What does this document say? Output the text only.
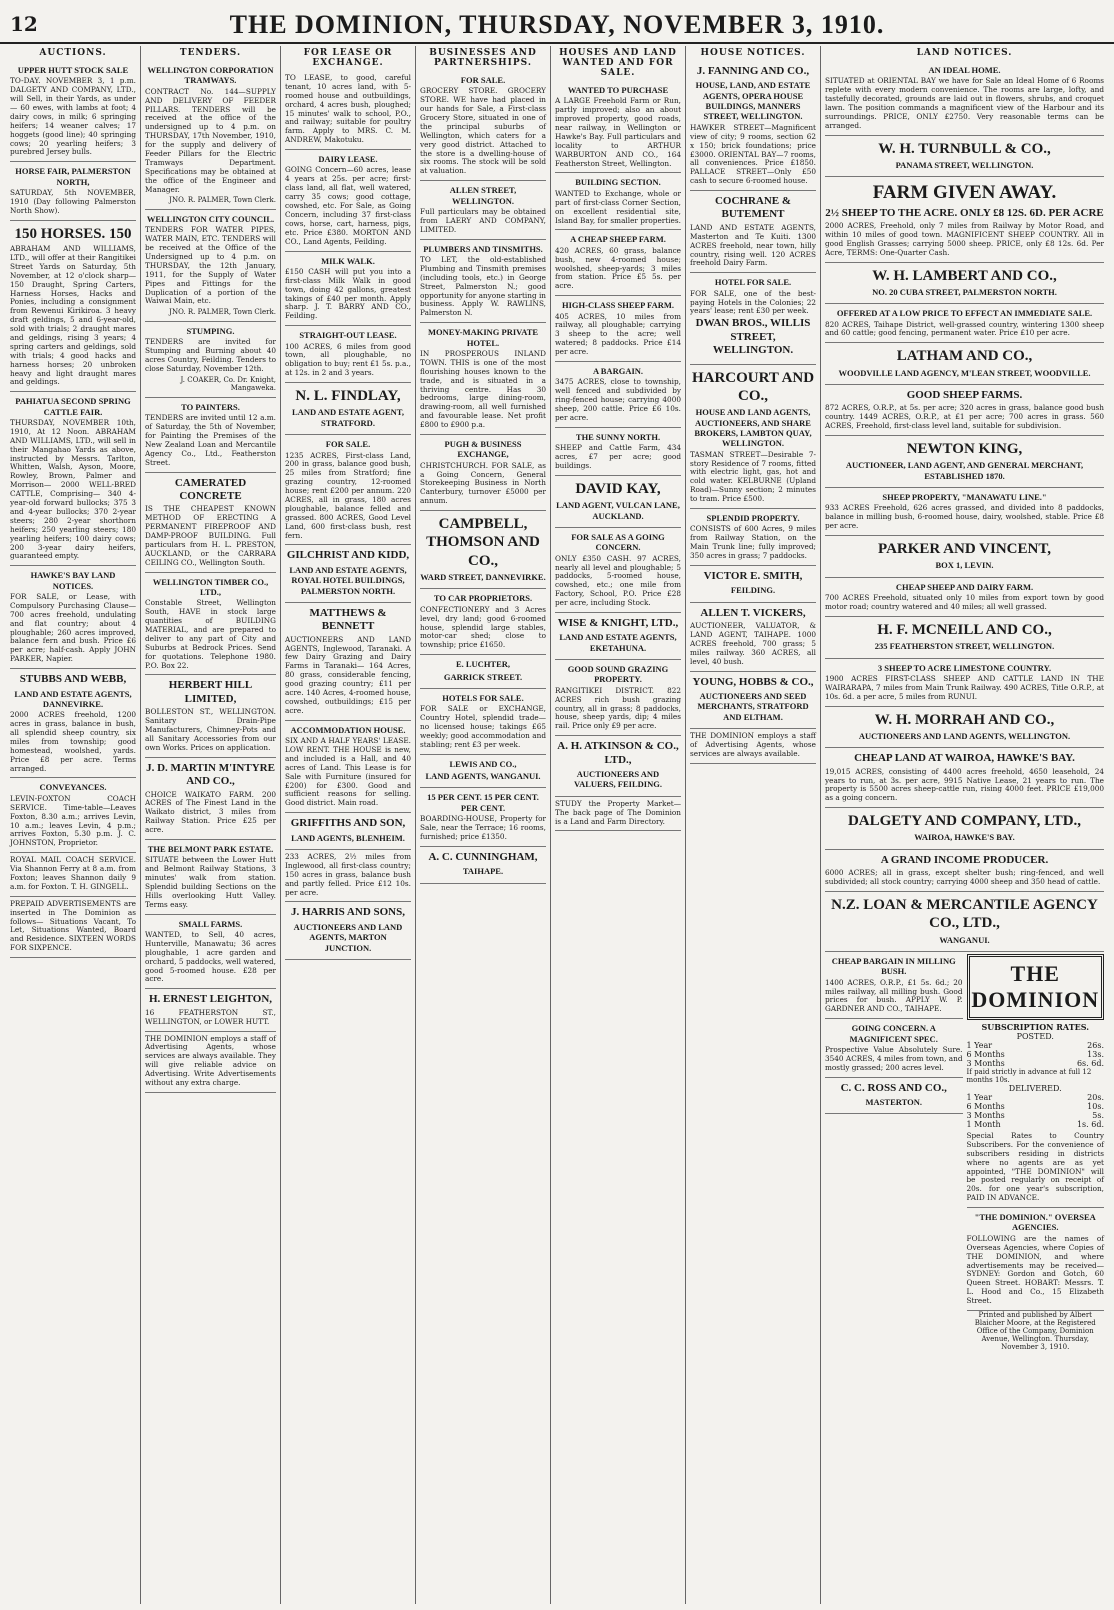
12	THE DOMINION, THURSDAY, NOVEMBER 3, 1910.
AUCTIONS.
UPPER HUTT STOCK SALE
TO-DAY. NOVEMBER 3, 1 p.m. DALGETY AND COMPANY, LTD., will Sell, in their Yards, as under— 60 ewes, with lambs at foot; 4 dairy cows, in milk; 6 springing heifers; 14 weaner calves; 17 hoggets (good line); 40 springing cows; 20 yearling heifers; 3 purebred Jersey bulls.
HORSE FAIR, PALMERSTON NORTH,
SATURDAY, 5th NOVEMBER, 1910 (Day following Palmerston North Show).
150 HORSES. 150
ABRAHAM AND WILLIAMS, LTD., will offer at their Rangitikei Street Yards on Saturday, 5th November, at 12 o'clock sharp— 150 Draught, Spring Carters, Harness Horses, Hacks and Ponies, including a consignment from Rewenui Kirikiroa. 3 heavy draft geldings, 5 and 6-year-old, sold with trials; 2 draught mares and geldings, rising 3 years; 4 spring carters and geldings, sold with trials; 4 good hacks and harness horses; 20 unbroken heavy and light draught mares and geldings.
PAHIATUA SECOND SPRING CATTLE FAIR.
THURSDAY, NOVEMBER 10th, 1910, At 12 Noon. ABRAHAM AND WILLIAMS, LTD., will sell in their Mangahao Yards as above, instructed by Messrs. Tarlton, Whitten, Walsh, Ayson, Moore, Rowley, Brown, Palmer and Morrison— 2000 WELL-BRED CATTLE, Comprising— 340 4-year-old forward bullocks; 375 3 and 4-year bullocks; 370 2-year steers; 280 2-year shorthorn heifers; 250 yearling steers; 180 yearling heifers; 100 dairy cows; 200 3-year dairy heifers, guaranteed empty.
HAWKE'S BAY LAND NOTICES.
FOR SALE, or Lease, with Compulsory Purchasing Clause—700 acres freehold, undulating and flat country; about 4 ploughable; 260 acres improved, balance fern and bush. Price £6 per acre; half-cash. Apply JOHN PARKER, Napier.
STUBBS AND WEBB,
LAND AND ESTATE AGENTS, DANNEVIRKE.
2000 ACRES freehold, 1200 acres in grass, balance in bush, all splendid sheep country, six miles from township; good homestead, woolshed, yards. Price £8 per acre. Terms arranged.
CONVEYANCES.
LEVIN-FOXTON COACH SERVICE. Time-table—Leaves Foxton, 8.30 a.m.; arrives Levin, 10 a.m.; leaves Levin, 4 p.m.; arrives Foxton, 5.30 p.m. J. C. JOHNSTON, Proprietor.
ROYAL MAIL COACH SERVICE. Via Shannon Ferry at 8 a.m. from Foxton; leaves Shannon daily 9 a.m. for Foxton. T. H. GINGELL.
PREPAID ADVERTISEMENTS are inserted in The Dominion as follows— Situations Vacant, To Let, Situations Wanted, Board and Residence. SIXTEEN WORDS FOR SIXPENCE.
TENDERS.
WELLINGTON CORPORATION TRAMWAYS.
CONTRACT No. 144—SUPPLY AND DELIVERY OF FEEDER PILLARS. TENDERS will be received at the office of the undersigned up to 4 p.m. on THURSDAY, 17th November, 1910, for the supply and delivery of Feeder Pillars for the Electric Tramways Department. Specifications may be obtained at the office of the Engineer and Manager.
JNO. R. PALMER, Town Clerk.
WELLINGTON CITY COUNCIL.
TENDERS FOR WATER PIPES, WATER MAIN, ETC. TENDERS will be received at the Office of the Undersigned up to 4 p.m. on THURSDAY, the 12th January, 1911, for the Supply of Water Pipes and Fittings for the Duplication of a portion of the Waiwai Main, etc.
JNO. R. PALMER, Town Clerk.
STUMPING.
TENDERS are invited for Stumping and Burning about 40 acres Country, Feilding. Tenders to close Saturday, November 12th.
J. COAKER, Co. Dr. Knight, Mangaweka.
TO PAINTERS.
TENDERS are invited until 12 a.m. of Saturday, the 5th of November, for Painting the Premises of the New Zealand Loan and Mercantile Agency Co., Ltd., Featherston Street.
CAMERATED CONCRETE
IS THE CHEAPEST KNOWN METHOD OF ERECTING A PERMANENT FIREPROOF AND DAMP-PROOF BUILDING. Full particulars from H. L. PRESTON, AUCKLAND, or the CARRARA CEILING CO., Wellington South.
WELLINGTON TIMBER CO., LTD.,
Constable Street, Wellington South, HAVE in stock large quantities of BUILDING MATERIAL, and are prepared to deliver to any part of City and Suburbs at Bedrock Prices. Send for quotations. Telephone 1980. P.O. Box 22.
HERBERT HILL LIMITED,
BOLLESTON ST., WELLINGTON. Sanitary Drain-Pipe Manufacturers, Chimney-Pots and all Sanitary Accessories from our own Works. Prices on application.
J. D. MARTIN M'INTYRE AND CO.,
CHOICE WAIKATO FARM. 200 ACRES of The Finest Land in the Waikato district, 3 miles from Railway Station. Price £25 per acre.
THE BELMONT PARK ESTATE.
SITUATE between the Lower Hutt and Belmont Railway Stations, 3 minutes' walk from station. Splendid building Sections on the Hills overlooking Hutt Valley. Terms easy.
SMALL FARMS.
WANTED, to Sell, 40 acres, Hunterville, Manawatu; 36 acres ploughable, 1 acre garden and orchard, 5 paddocks, well watered, good 5-roomed house. £28 per acre.
H. ERNEST LEIGHTON,
16 FEATHERSTON ST., WELLINGTON, or LOWER HUTT.
THE DOMINION employs a staff of Advertising Agents, whose services are always available. They will give reliable advice on Advertising. Write Advertisements without any extra charge.
FOR LEASE OR EXCHANGE.
TO LEASE, to good, careful tenant, 10 acres land, with 5-roomed house and outbuildings, orchard, 4 acres bush, ploughed; 15 minutes' walk to school, P.O., and railway; suitable for poultry farm. Apply to MRS. C. M. ANDREW, Makotuku.
DAIRY LEASE.
GOING Concern—60 acres, lease 4 years at 25s. per acre; first-class land, all flat, well watered, carry 35 cows; good cottage, cowshed, etc. For Sale, as Going Concern, including 37 first-class cows, horse, cart, harness, pigs, etc. Price £380. MORTON AND CO., Land Agents, Feilding.
MILK WALK.
£150 CASH will put you into a first-class Milk Walk in good town, doing 42 gallons, greatest takings of £40 per month. Apply sharp. J. T. BARRY AND CO., Feilding.
STRAIGHT-OUT LEASE.
100 ACRES, 6 miles from good town, all ploughable, no obligation to buy; rent £1 5s. p.a., at 12s. in 2 and 3 years.
N. L. FINDLAY,
LAND AND ESTATE AGENT, STRATFORD.
FOR SALE.
1235 ACRES, First-class Land, 200 in grass, balance good bush, 25 miles from Stratford; fine grazing country, 12-roomed house; rent £200 per annum. 220 ACRES, all in grass, 180 acres ploughable, balance felled and grassed. 800 ACRES, Good Level Land, 600 first-class bush, rest fern.
GILCHRIST AND KIDD,
LAND AND ESTATE AGENTS, ROYAL HOTEL BUILDINGS, PALMERSTON NORTH.
MATTHEWS & BENNETT
AUCTIONEERS AND LAND AGENTS, Inglewood, Taranaki. A few Dairy Grazing and Dairy Farms in Taranaki— 164 Acres, 80 grass, considerable fencing, good grazing country; £11 per acre. 140 Acres, 4-roomed house, cowshed, outbuildings; £15 per acre.
ACCOMMODATION HOUSE.
SIX AND A HALF YEARS' LEASE. LOW RENT. THE HOUSE is new, and included is a Hall, and 40 acres of Land. This Lease is for Sale with Furniture (insured for £200) for £300. Good and sufficient reasons for selling. Good district. Main road.
GRIFFITHS AND SON,
LAND AGENTS, BLENHEIM.
233 ACRES, 2½ miles from Inglewood, all first-class country; 150 acres in grass, balance bush and partly felled. Price £12 10s. per acre.
J. HARRIS AND SONS,
AUCTIONEERS AND LAND AGENTS, MARTON JUNCTION.
BUSINESSES AND PARTNERSHIPS.
FOR SALE.
GROCERY STORE. GROCERY STORE. WE have had placed in our hands for Sale, a First-class Grocery Store, situated in one of the principal suburbs of Wellington, which caters for a very good district. Attached to the store is a dwelling-house of six rooms. The stock will be sold at valuation.
ALLEN STREET, WELLINGTON.
Full particulars may be obtained from LAERY AND COMPANY, LIMITED.
PLUMBERS AND TINSMITHS.
TO LET, the old-established Plumbing and Tinsmith premises (including tools, etc.) in George Street, Palmerston N.; good opportunity for anyone starting in business. Apply W. RAWLINS, Palmerston N.
MONEY-MAKING PRIVATE HOTEL.
IN PROSPEROUS INLAND TOWN. THIS is one of the most flourishing houses known to the trade, and is situated in a thriving centre. Has 30 bedrooms, large dining-room, drawing-room, all well furnished and favourable lease. Net profit £800 to £900 p.a.
PUGH & BUSINESS EXCHANGE,
CHRISTCHURCH. FOR SALE, as a Going Concern, General Storekeeping Business in North Canterbury, turnover £5000 per annum.
CAMPBELL, THOMSON AND CO.,
WARD STREET, DANNEVIRKE.
TO CAR PROPRIETORS.
CONFECTIONERY and 3 Acres level, dry land; good 6-roomed house, splendid large stables, motor-car shed; close to township; price £1650.
E. LUCHTER,
GARRICK STREET.
HOTELS FOR SALE.
FOR SALE or EXCHANGE, Country Hotel, splendid trade—no licensed house; takings £65 weekly; good accommodation and stabling; rent £3 per week.
LEWIS AND CO.,
LAND AGENTS, WANGANUI.
15 PER CENT. 15 PER CENT. PER CENT.
BOARDING-HOUSE, Property for Sale, near the Terrace; 16 rooms, furnished; price £1350.
A. C. CUNNINGHAM,
TAIHAPE.
HOUSES AND LAND WANTED AND FOR SALE.
WANTED TO PURCHASE
A LARGE Freehold Farm or Run, partly improved; also an about improved property, good roads, near railway, in Wellington or Hawke's Bay. Full particulars and locality to ARTHUR WARBURTON AND CO., 164 Featherston Street, Wellington.
BUILDING SECTION.
WANTED to Exchange, whole or part of first-class Corner Section, on excellent residential site, Island Bay, for smaller properties.
A CHEAP SHEEP FARM.
420 ACRES, 60 grass, balance bush, new 4-roomed house; woolshed, sheep-yards; 3 miles from station. Price £5 5s. per acre.
HIGH-CLASS SHEEP FARM.
405 ACRES, 10 miles from railway, all ploughable; carrying 3 sheep to the acre; well watered; 8 paddocks. Price £14 per acre.
A BARGAIN.
3475 ACRES, close to township, well fenced and subdivided by ring-fenced house; carrying 4000 sheep, 200 cattle. Price £6 10s. per acre.
THE SUNNY NORTH.
SHEEP and Cattle Farm, 434 acres, £7 per acre; good buildings.
DAVID KAY,
LAND AGENT, VULCAN LANE, AUCKLAND.
FOR SALE AS A GOING CONCERN.
ONLY £350 CASH. 97 ACRES, nearly all level and ploughable; 5 paddocks, 5-roomed house, cowshed, etc.; one mile from Factory, School, P.O. Price £28 per acre, including Stock.
WISE & KNIGHT, LTD.,
LAND AND ESTATE AGENTS, EKETAHUNA.
GOOD SOUND GRAZING PROPERTY.
RANGITIKEI DISTRICT. 822 ACRES rich bush grazing country, all in grass; 8 paddocks, house, sheep yards, dip; 4 miles rail. Price only £9 per acre.
A. H. ATKINSON & CO., LTD.,
AUCTIONEERS AND VALUERS, FEILDING.
STUDY the Property Market—The back page of The Dominion is a Land and Farm Directory.
HOUSE NOTICES.
J. FANNING AND CO.,
HOUSE, LAND, AND ESTATE AGENTS, OPERA HOUSE BUILDINGS, MANNERS STREET, WELLINGTON.
HAWKER STREET—Magnificent view of city; 9 rooms, section 62 x 150; brick foundations; price £3000. ORIENTAL BAY—7 rooms, all conveniences. Price £1850. PALLACE STREET—Only £50 cash to secure 6-roomed house.
COCHRANE & BUTEMENT
LAND AND ESTATE AGENTS, Masterton and Te Kuiti. 1300 ACRES freehold, near town, hilly country, rising well. 120 ACRES freehold Dairy Farm.
HOTEL FOR SALE.
FOR SALE, one of the best-paying Hotels in the Colonies; 22 years' lease; rent £30 per week.
DWAN BROS., WILLIS STREET, WELLINGTON.
HARCOURT AND CO.,
HOUSE AND LAND AGENTS, AUCTIONEERS, AND SHARE BROKERS, LAMBTON QUAY, WELLINGTON.
TASMAN STREET—Desirable 7-story Residence of 7 rooms, fitted with electric light, gas, hot and cold water. KELBURNE (Upland Road)—Sunny section; 2 minutes to tram. Price £500.
SPLENDID PROPERTY.
CONSISTS of 600 Acres, 9 miles from Railway Station, on the Main Trunk line; fully improved; 350 acres in grass; 7 paddocks.
VICTOR E. SMITH,
FEILDING.
ALLEN T. VICKERS,
AUCTIONEER, VALUATOR, & LAND AGENT, TAIHAPE. 1000 ACRES freehold, 700 grass; 5 miles railway. 360 ACRES, all level, 40 bush.
YOUNG, HOBBS & CO.,
AUCTIONEERS AND SEED MERCHANTS, STRATFORD AND ELTHAM.
THE DOMINION employs a staff of Advertising Agents, whose services are always available.
LAND NOTICES.
AN IDEAL HOME.
SITUATED at ORIENTAL BAY we have for Sale an Ideal Home of 6 Rooms replete with every modern convenience. The rooms are large, lofty, and tastefully decorated, grounds are laid out in flowers, shrubs, and croquet lawn. The position commands a magnificent view of the Harbour and its surroundings. PRICE, ONLY £2750. Very reasonable terms can be arranged.
W. H. TURNBULL & CO.,
PANAMA STREET, WELLINGTON.
FARM GIVEN AWAY.
2½ SHEEP TO THE ACRE. ONLY £8 12S. 6D. PER ACRE
2000 ACRES, Freehold, only 7 miles from Railway by Motor Road, and within 10 miles of good town. MAGNIFICENT SHEEP COUNTRY. All in good English Grasses; carrying 5000 sheep. PRICE, only £8 12s. 6d. Per Acre, TERMS: One-Quarter Cash.
W. H. LAMBERT AND CO.,
NO. 20 CUBA STREET, PALMERSTON NORTH.
OFFERED AT A LOW PRICE TO EFFECT AN IMMEDIATE SALE.
820 ACRES, Taihape District, well-grassed country, wintering 1300 sheep and 60 cattle; good fencing, permanent water. Price £10 per acre.
LATHAM AND CO.,
WOODVILLE LAND AGENCY, M'LEAN STREET, WOODVILLE.
GOOD SHEEP FARMS.
872 ACRES, O.R.P., at 5s. per acre; 320 acres in grass, balance good bush country. 1449 ACRES, O.R.P., at £1 per acre; 700 acres in grass. 560 ACRES, Freehold, first-class level land, suitable for subdivision.
NEWTON KING,
AUCTIONEER, LAND AGENT, AND GENERAL MERCHANT, ESTABLISHED 1870.
SHEEP PROPERTY, "MANAWATU LINE."
933 ACRES Freehold, 626 acres grassed, and divided into 8 paddocks, balance in milling bush, 6-roomed house, dairy, woolshed, stable. Price £8 per acre.
PARKER AND VINCENT,
BOX 1, LEVIN.
CHEAP SHEEP AND DAIRY FARM.
700 ACRES Freehold, situated only 10 miles from export town by good motor road; country watered and 40 miles; all well grassed.
H. F. MCNEILL AND CO.,
235 FEATHERSTON STREET, WELLINGTON.
3 SHEEP TO ACRE LIMESTONE COUNTRY.
1900 ACRES FIRST-CLASS SHEEP AND CATTLE LAND IN THE WAIRARAPA, 7 miles from Main Trunk Railway. 490 ACRES, Title O.R.P., at 10s. 6d. a per acre, 5 miles from RUNUI.
W. H. MORRAH AND CO.,
AUCTIONEERS AND LAND AGENTS, WELLINGTON.
CHEAP LAND AT WAIROA, HAWKE'S BAY.
19,015 ACRES, consisting of 4400 acres freehold, 4650 leasehold, 24 years to run, at 3s. per acre, 9915 Native Lease, 21 years to run. The property is 5500 acres sheep-cattle run, rising 4000 feet. PRICE £19,000 as a going concern.
DALGETY AND COMPANY, LTD.,
WAIROA, HAWKE'S BAY.
A GRAND INCOME PRODUCER.
6000 ACRES; all in grass, except shelter bush; ring-fenced, and well subdivided; all stock country; carrying 4000 sheep and 350 head of cattle.
N.Z. LOAN & MERCANTILE AGENCY CO., LTD.,
WANGANUI.
CHEAP BARGAIN IN MILLING BUSH.
1400 ACRES, O.R.P., £1 5s. 6d.; 20 miles railway, all milling bush. Good prices for bush. APPLY W. P. GARDNER AND CO., TAIHAPE.
GOING CONCERN. A MAGNIFICENT SPEC.
Prospective Value Absolutely Sure. 3540 ACRES, 4 miles from town, and mostly grassed; 200 acres level.
C. C. ROSS AND CO.,
MASTERTON.
THE DOMINION
SUBSCRIPTION RATES.
POSTED.
1 Year	26s.
6 Months	13s.
3 Months	6s. 6d.
If paid strictly in advance at full 12 months 10s.
DELIVERED.
1 Year	20s.
6 Months	10s.
3 Months	5s.
1 Month	1s. 6d.
Special Rates to Country Subscribers. For the convenience of subscribers residing in districts where no agents are as yet appointed, "THE DOMINION" will be posted regularly on receipt of 20s. for one year's subscription, PAID IN ADVANCE.
"THE DOMINION." OVERSEA AGENCIES.
FOLLOWING are the names of Overseas Agencies, where Copies of THE DOMINION, and where advertisements may be received—SYDNEY: Gordon and Gotch, 60 Queen Street. HOBART: Messrs. T. L. Hood and Co., 15 Elizabeth Street.
Printed and published by Albert Blaicher Moore, at the Registered Office of the Company, Dominion Avenue, Wellington. Thursday, November 3, 1910.
